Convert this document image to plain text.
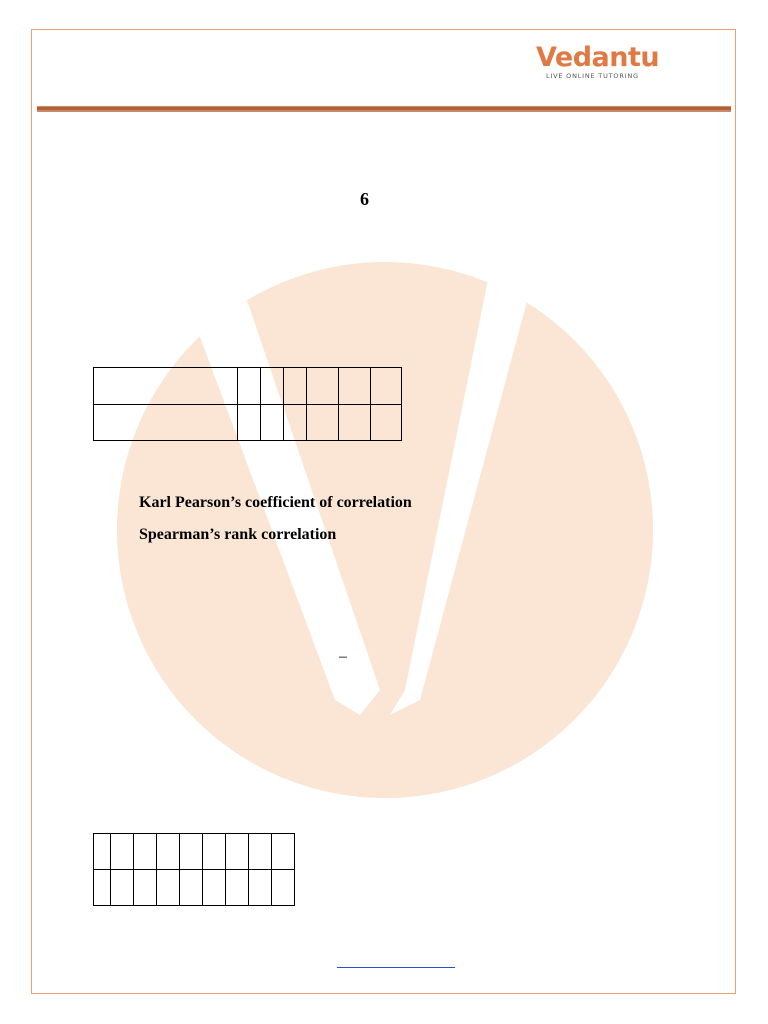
Vedantu
LIVE ONLINE TUTORING
6

Karl Pearson’s coefficient of correlation
Spearman’s rank correlation
–
